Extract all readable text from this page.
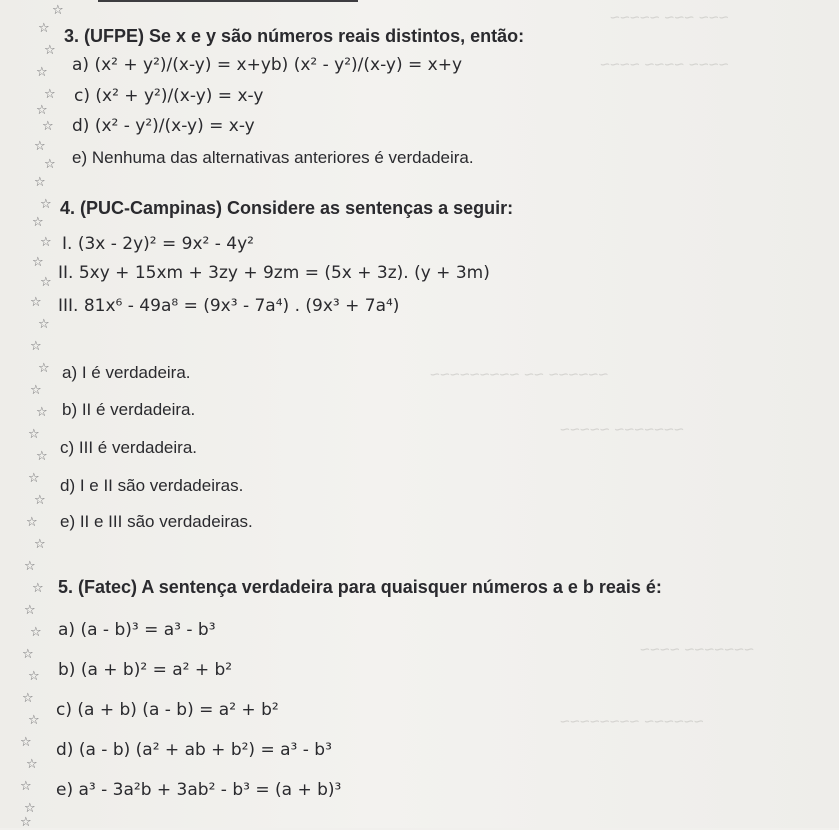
~~~ ~~~ ~~~~~
~~~~ ~~~~ ~~~~
~~~~~~ ~~ ~~~~~~~~~
~~~~~~~ ~~~~~
~~~~~~~ ~~~~
~~~~~~ ~~~~~~~~
☆
☆
☆
☆
☆
☆
☆
☆
☆
☆
☆
☆
☆
☆
☆
☆
☆
☆
☆
☆
☆
☆
☆
☆
☆
☆
☆
☆
☆
☆
☆
☆
☆
☆
☆
☆
☆
☆
☆
☆
3. (UFPE) Se x e y são números reais distintos, então:
a) (x² + y²)/(x-y) = x+yb) (x² - y²)/(x-y) = x+y
c) (x² + y²)/(x-y) = x-y
d) (x² - y²)/(x-y) = x-y
e) Nenhuma das alternativas anteriores é verdadeira.
4. (PUC-Campinas) Considere as sentenças a seguir:
I. (3x - 2y)² = 9x² - 4y²
II. 5xy + 15xm + 3zy + 9zm = (5x + 3z). (y + 3m)
III. 81x⁶ - 49a⁸ = (9x³ - 7a⁴) . (9x³ + 7a⁴)
a) I é verdadeira.
b) II é verdadeira.
c) III é verdadeira.
d) I e II são verdadeiras.
e) II e III são verdadeiras.
5. (Fatec) A sentença verdadeira para quaisquer números a e b reais é:
a) (a - b)³ = a³ - b³
b) (a + b)² = a² + b²
c) (a + b) (a - b) = a² + b²
d) (a - b) (a² + ab + b²) = a³ - b³
e) a³ - 3a²b + 3ab² - b³ = (a + b)³
